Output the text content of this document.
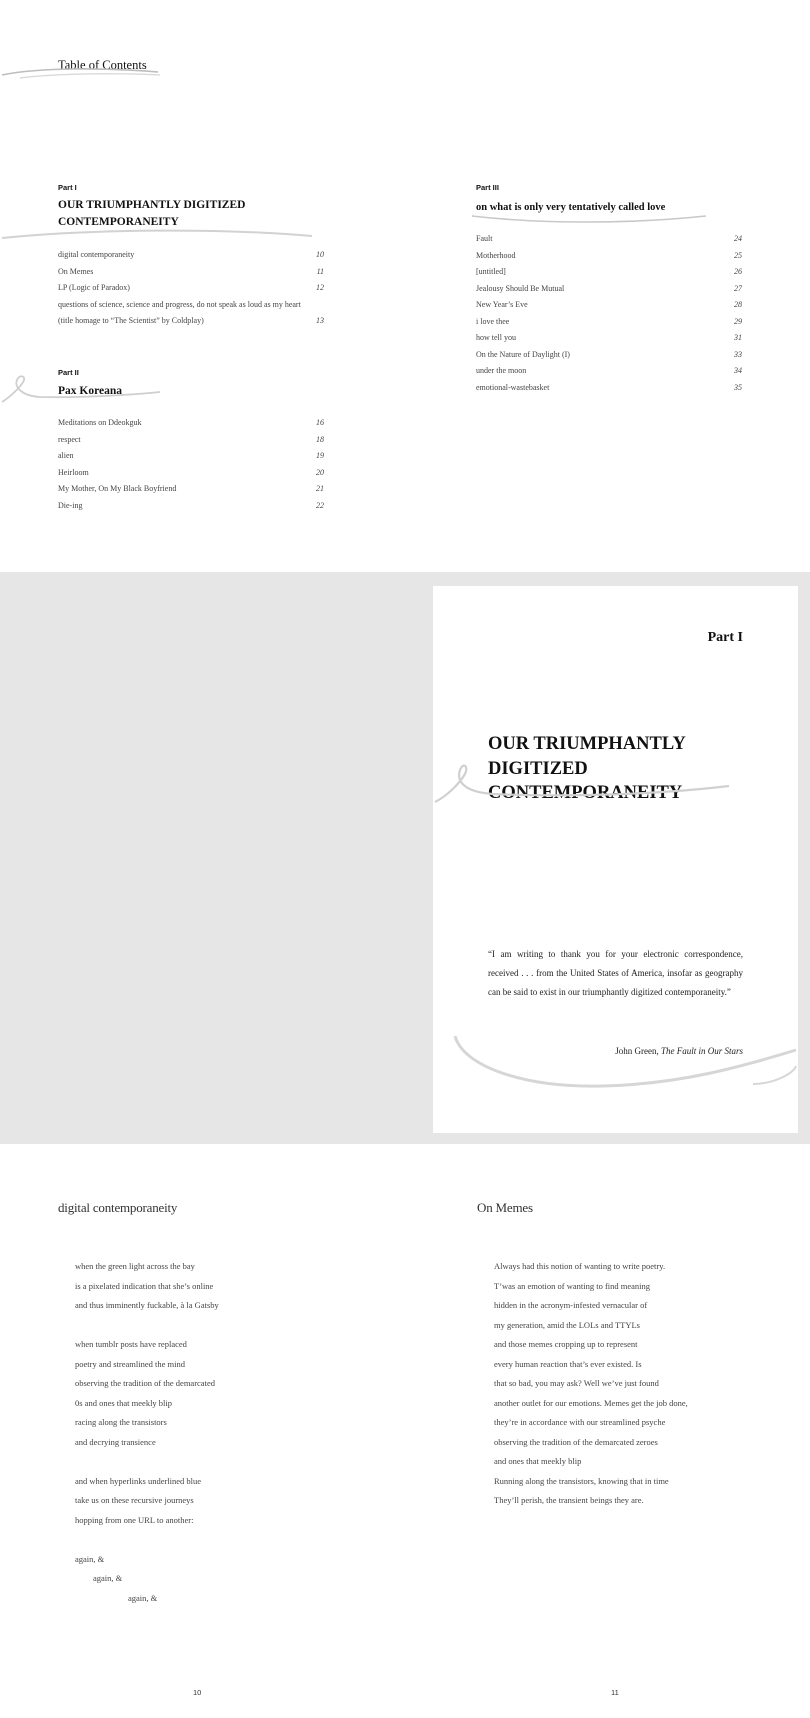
Table of Contents
Part I
OUR TRIUMPHANTLY DIGITIZED
CONTEMPORANEITY
digital contemporaneity	10
On Memes	11
LP (Logic of Paradox)	12
questions of science, science and progress, do not speak as loud as my heart
(title homage to “The Scientist” by Coldplay)	13
Part II
Pax Koreana
Meditations on Ddeokguk	16
respect	18
alien	19
Heirloom	20
My Mother, On My Black Boyfriend	21
Die-ing	22
Part III
on what is only very tentatively called love
Fault	24
Motherhood	25
[untitled]	26
Jealousy Should Be Mutual	27
New Year’s Eve	28
i love thee	29
how tell you	31
On the Nature of Daylight (I)	33
under the moon	34
emotional-wastebasket	35
Part I
OUR TRIUMPHANTLY
DIGITIZED
CONTEMPORANEITY
“I am writing to thank you for your electronic correspondence, received . . . from the United States of America, insofar as geography can be said to exist in our triumphantly digitized contemporaneity.”
John Green, The Fault in Our Stars
digital contemporaneity
when the green light across the bay
is a pixelated indication that she’s online
and thus imminently fuckable, à la Gatsby
when tumblr posts have replaced
poetry and streamlined the mind
observing the tradition of the demarcated
0s and ones that meekly blip
racing along the transistors
and decrying transience
and when hyperlinks underlined blue
take us on these recursive journeys
hopping from one URL to another:
again, &
again, &
again, &
10
On Memes
Always had this notion of wanting to write poetry.
T’was an emotion of wanting to find meaning
hidden in the acronym-infested vernacular of
my generation, amid the LOLs and TTYLs
and those memes cropping up to represent
every human reaction that’s ever existed. Is
that so bad, you may ask? Well we’ve just found
another outlet for our emotions. Memes get the job done,
they’re in accordance with our streamlined psyche
observing the tradition of the demarcated zeroes
and ones that meekly blip
Running along the transistors, knowing that in time
They’ll perish, the transient beings they are.
11
